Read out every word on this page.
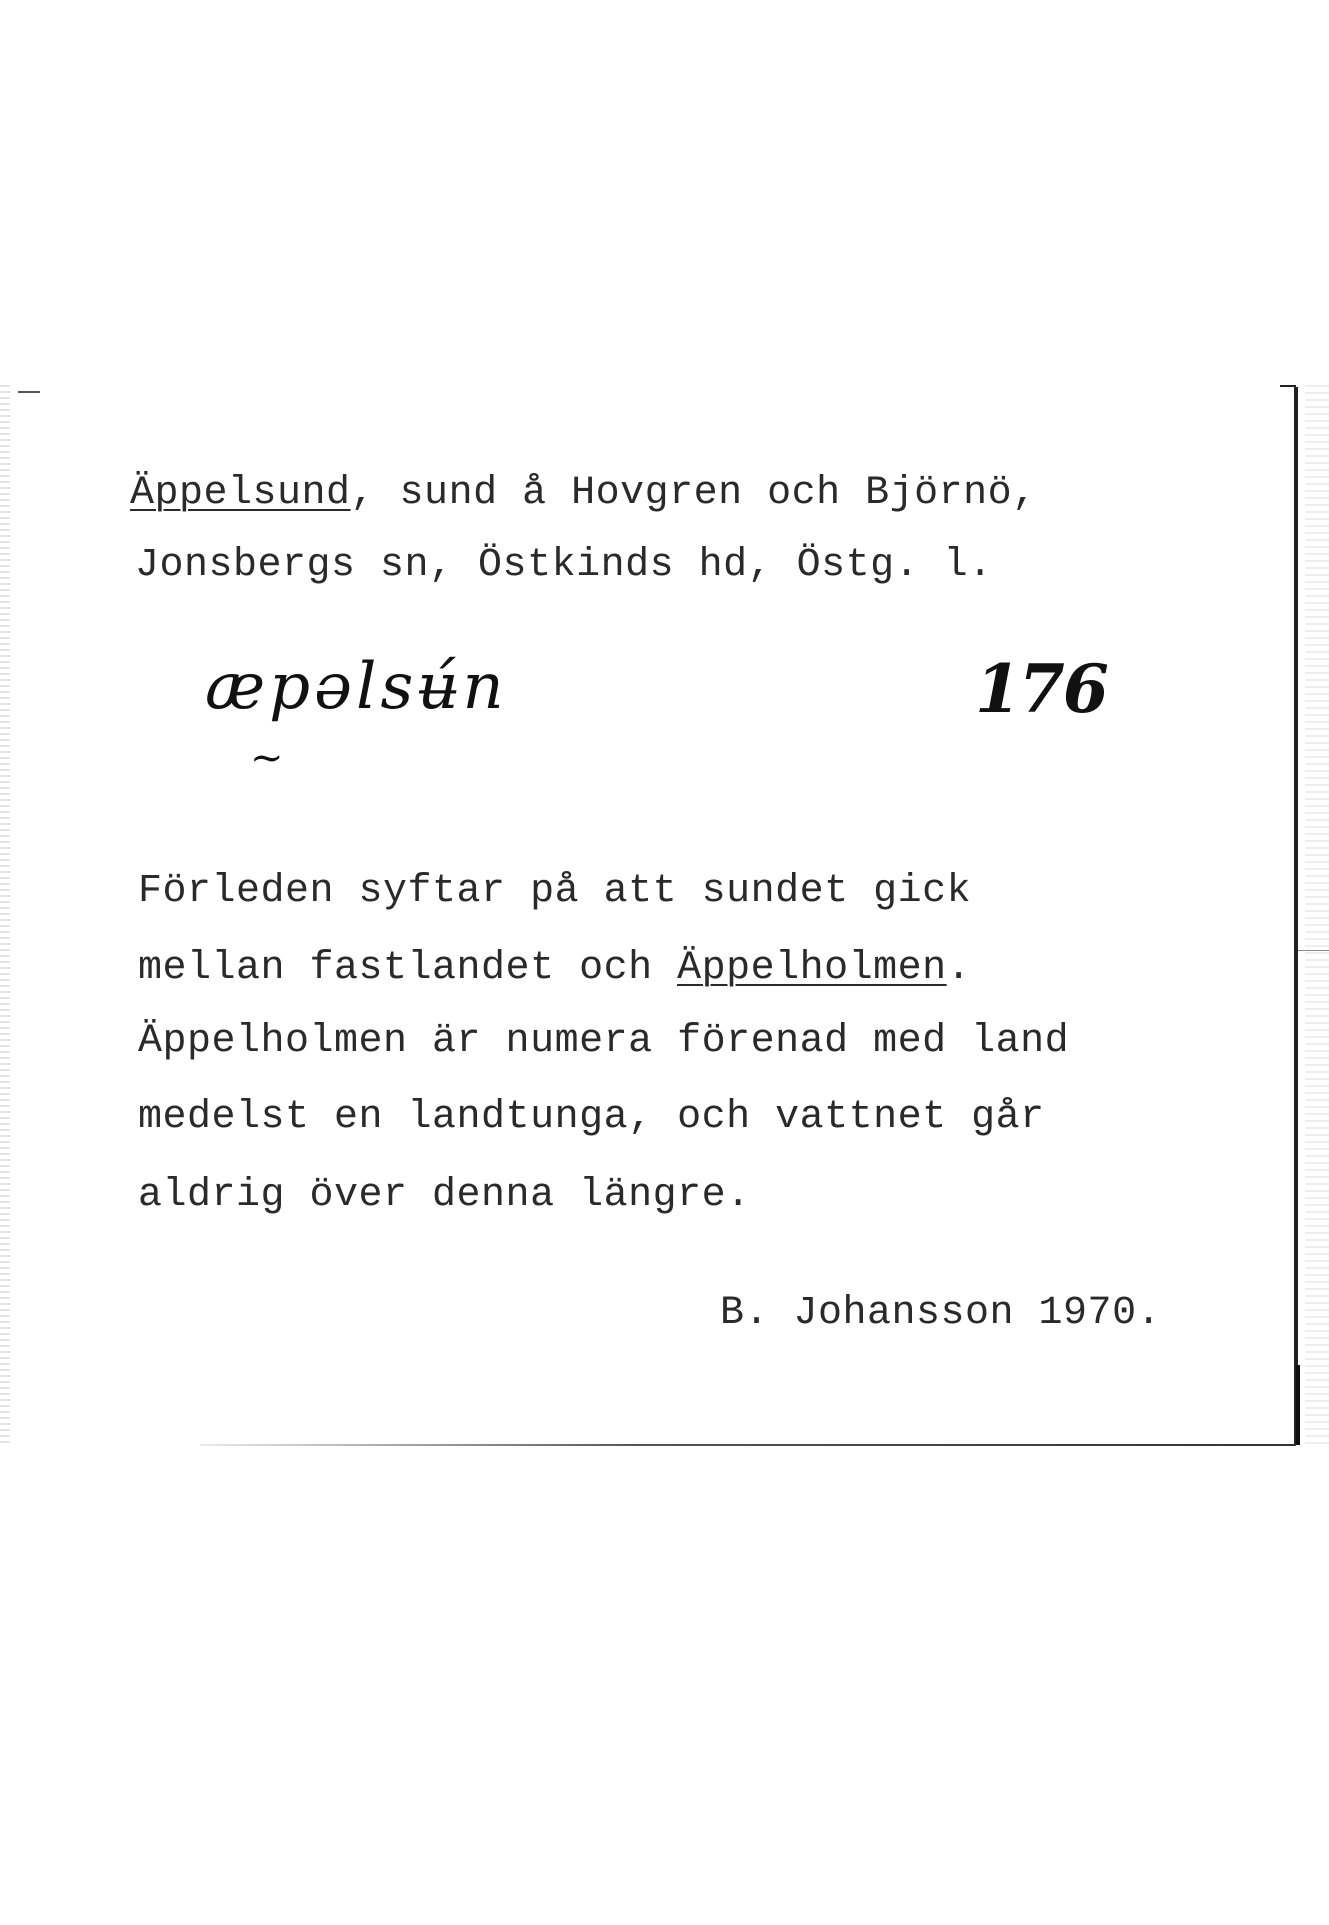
Äppelsund, sund å Hovgren och Björnö,

Jonsbergs sn, Östkinds hd, Östg. l.

æpəlsʉ́n
~
176

Förleden syftar på att sundet gick

mellan fastlandet och Äppelholmen.

Äppelholmen är numera förenad med land

medelst en landtunga, och vattnet går

aldrig över denna längre.

B. Johansson 1970.
